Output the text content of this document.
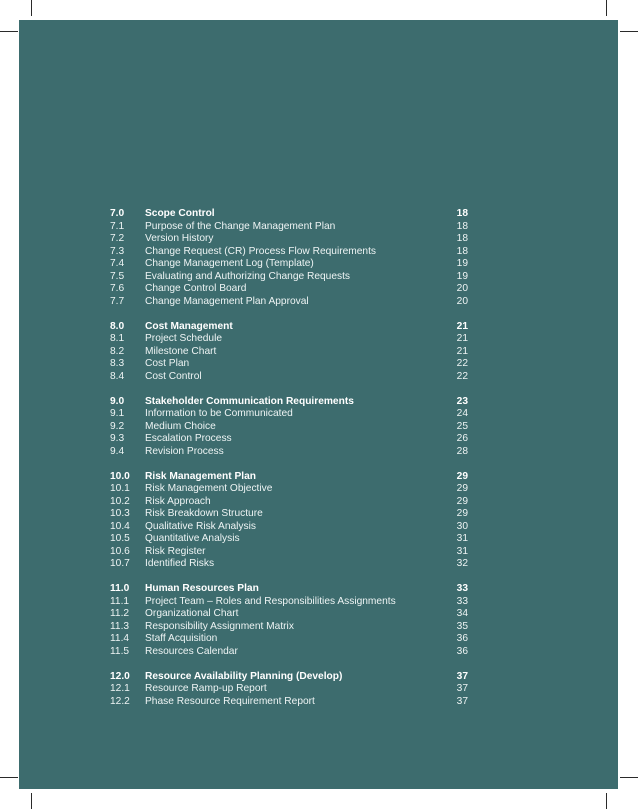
7.0	Scope Control	18
7.1	Purpose of the Change Management Plan	18
7.2	Version History	18
7.3	Change Request (CR) Process Flow Requirements	18
7.4	Change Management Log (Template)	19
7.5	Evaluating and Authorizing Change Requests	19
7.6	Change Control Board	20
7.7	Change Management Plan Approval	20
8.0	Cost Management	21
8.1	Project Schedule	21
8.2	Milestone Chart	21
8.3	Cost Plan	22
8.4	Cost Control	22
9.0	Stakeholder Communication Requirements	23
9.1	Information to be Communicated	24
9.2	Medium Choice	25
9.3	Escalation Process	26
9.4	Revision Process	28
10.0	Risk Management Plan	29
10.1	Risk Management Objective	29
10.2	Risk Approach	29
10.3	Risk Breakdown Structure	29
10.4	Qualitative Risk Analysis	30
10.5	Quantitative Analysis	31
10.6	Risk Register	31
10.7	Identified Risks	32
11.0	Human Resources Plan	33
11.1	Project Team – Roles and Responsibilities Assignments	33
11.2	Organizational Chart	34
11.3	Responsibility Assignment Matrix	35
11.4	Staff Acquisition	36
11.5	Resources Calendar	36
12.0	Resource Availability Planning (Develop)	37
12.1	Resource Ramp-up Report	37
12.2	Phase Resource Requirement Report	37
